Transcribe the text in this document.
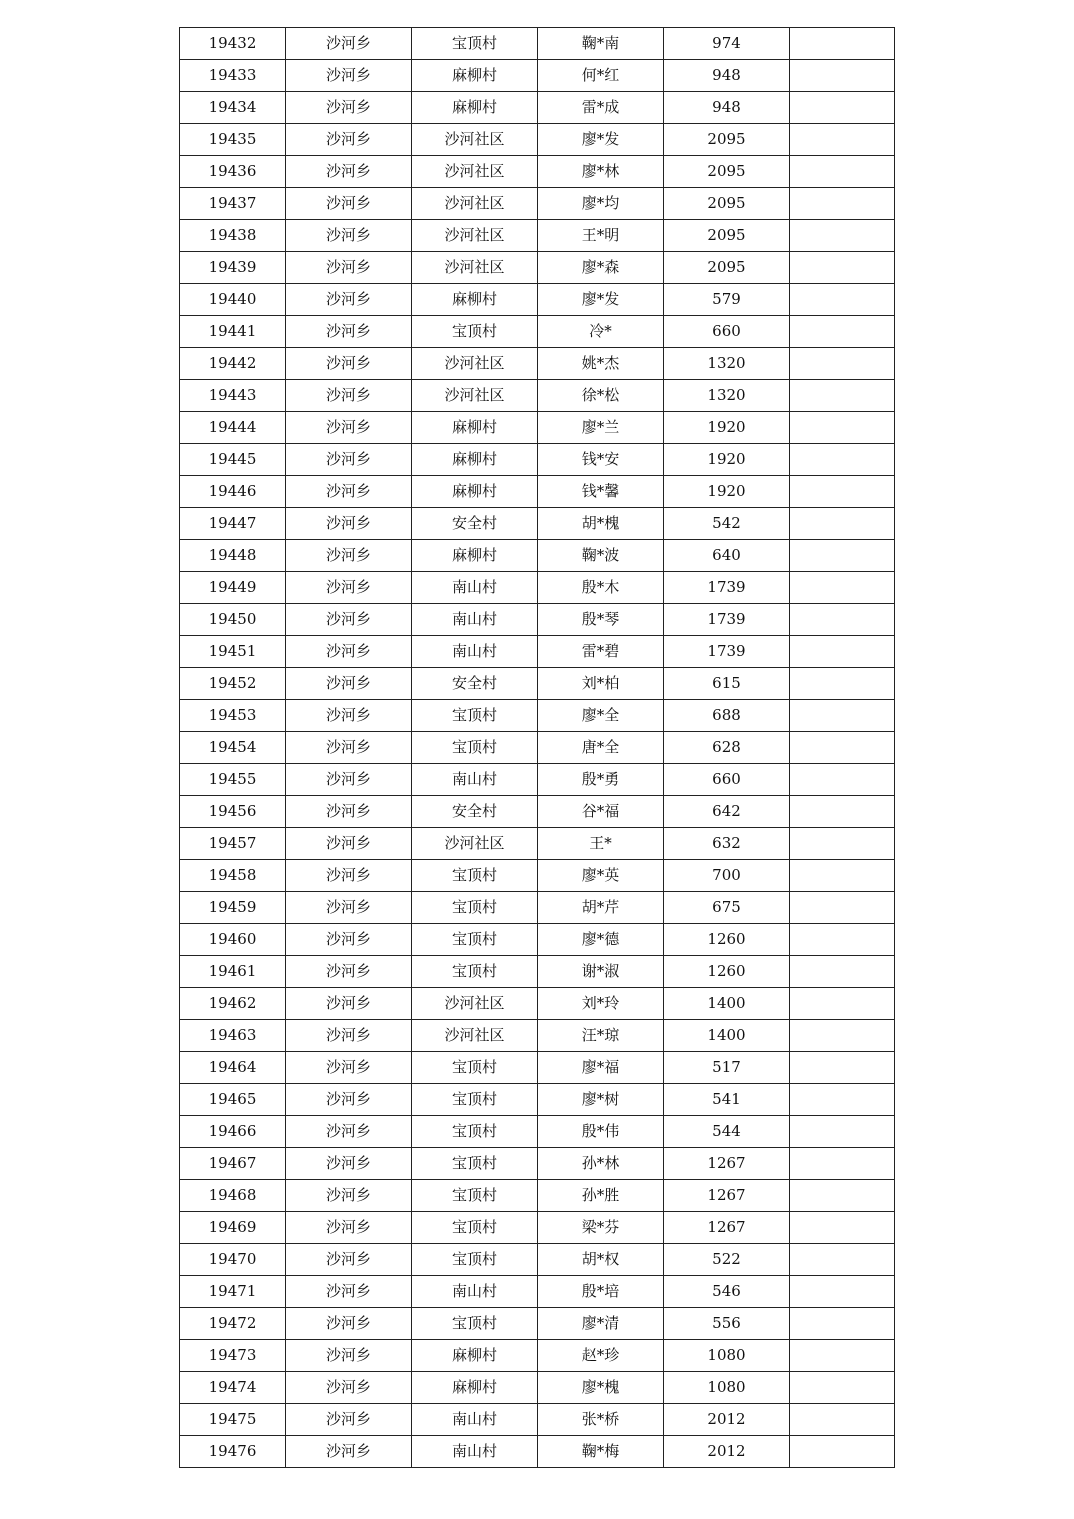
19432	沙河乡	宝顶村	鞠*南	974	
19433	沙河乡	麻柳村	何*红	948	
19434	沙河乡	麻柳村	雷*成	948	
19435	沙河乡	沙河社区	廖*发	2095	
19436	沙河乡	沙河社区	廖*林	2095	
19437	沙河乡	沙河社区	廖*均	2095	
19438	沙河乡	沙河社区	王*明	2095	
19439	沙河乡	沙河社区	廖*森	2095	
19440	沙河乡	麻柳村	廖*发	579	
19441	沙河乡	宝顶村	冷*	660	
19442	沙河乡	沙河社区	姚*杰	1320	
19443	沙河乡	沙河社区	徐*松	1320	
19444	沙河乡	麻柳村	廖*兰	1920	
19445	沙河乡	麻柳村	钱*安	1920	
19446	沙河乡	麻柳村	钱*馨	1920	
19447	沙河乡	安全村	胡*槐	542	
19448	沙河乡	麻柳村	鞠*波	640	
19449	沙河乡	南山村	殷*木	1739	
19450	沙河乡	南山村	殷*琴	1739	
19451	沙河乡	南山村	雷*碧	1739	
19452	沙河乡	安全村	刘*柏	615	
19453	沙河乡	宝顶村	廖*全	688	
19454	沙河乡	宝顶村	唐*全	628	
19455	沙河乡	南山村	殷*勇	660	
19456	沙河乡	安全村	谷*福	642	
19457	沙河乡	沙河社区	王*	632	
19458	沙河乡	宝顶村	廖*英	700	
19459	沙河乡	宝顶村	胡*芹	675	
19460	沙河乡	宝顶村	廖*德	1260	
19461	沙河乡	宝顶村	谢*淑	1260	
19462	沙河乡	沙河社区	刘*玲	1400	
19463	沙河乡	沙河社区	汪*琼	1400	
19464	沙河乡	宝顶村	廖*福	517	
19465	沙河乡	宝顶村	廖*树	541	
19466	沙河乡	宝顶村	殷*伟	544	
19467	沙河乡	宝顶村	孙*林	1267	
19468	沙河乡	宝顶村	孙*胜	1267	
19469	沙河乡	宝顶村	梁*芬	1267	
19470	沙河乡	宝顶村	胡*权	522	
19471	沙河乡	南山村	殷*培	546	
19472	沙河乡	宝顶村	廖*清	556	
19473	沙河乡	麻柳村	赵*珍	1080	
19474	沙河乡	麻柳村	廖*槐	1080	
19475	沙河乡	南山村	张*桥	2012	
19476	沙河乡	南山村	鞠*梅	2012	
